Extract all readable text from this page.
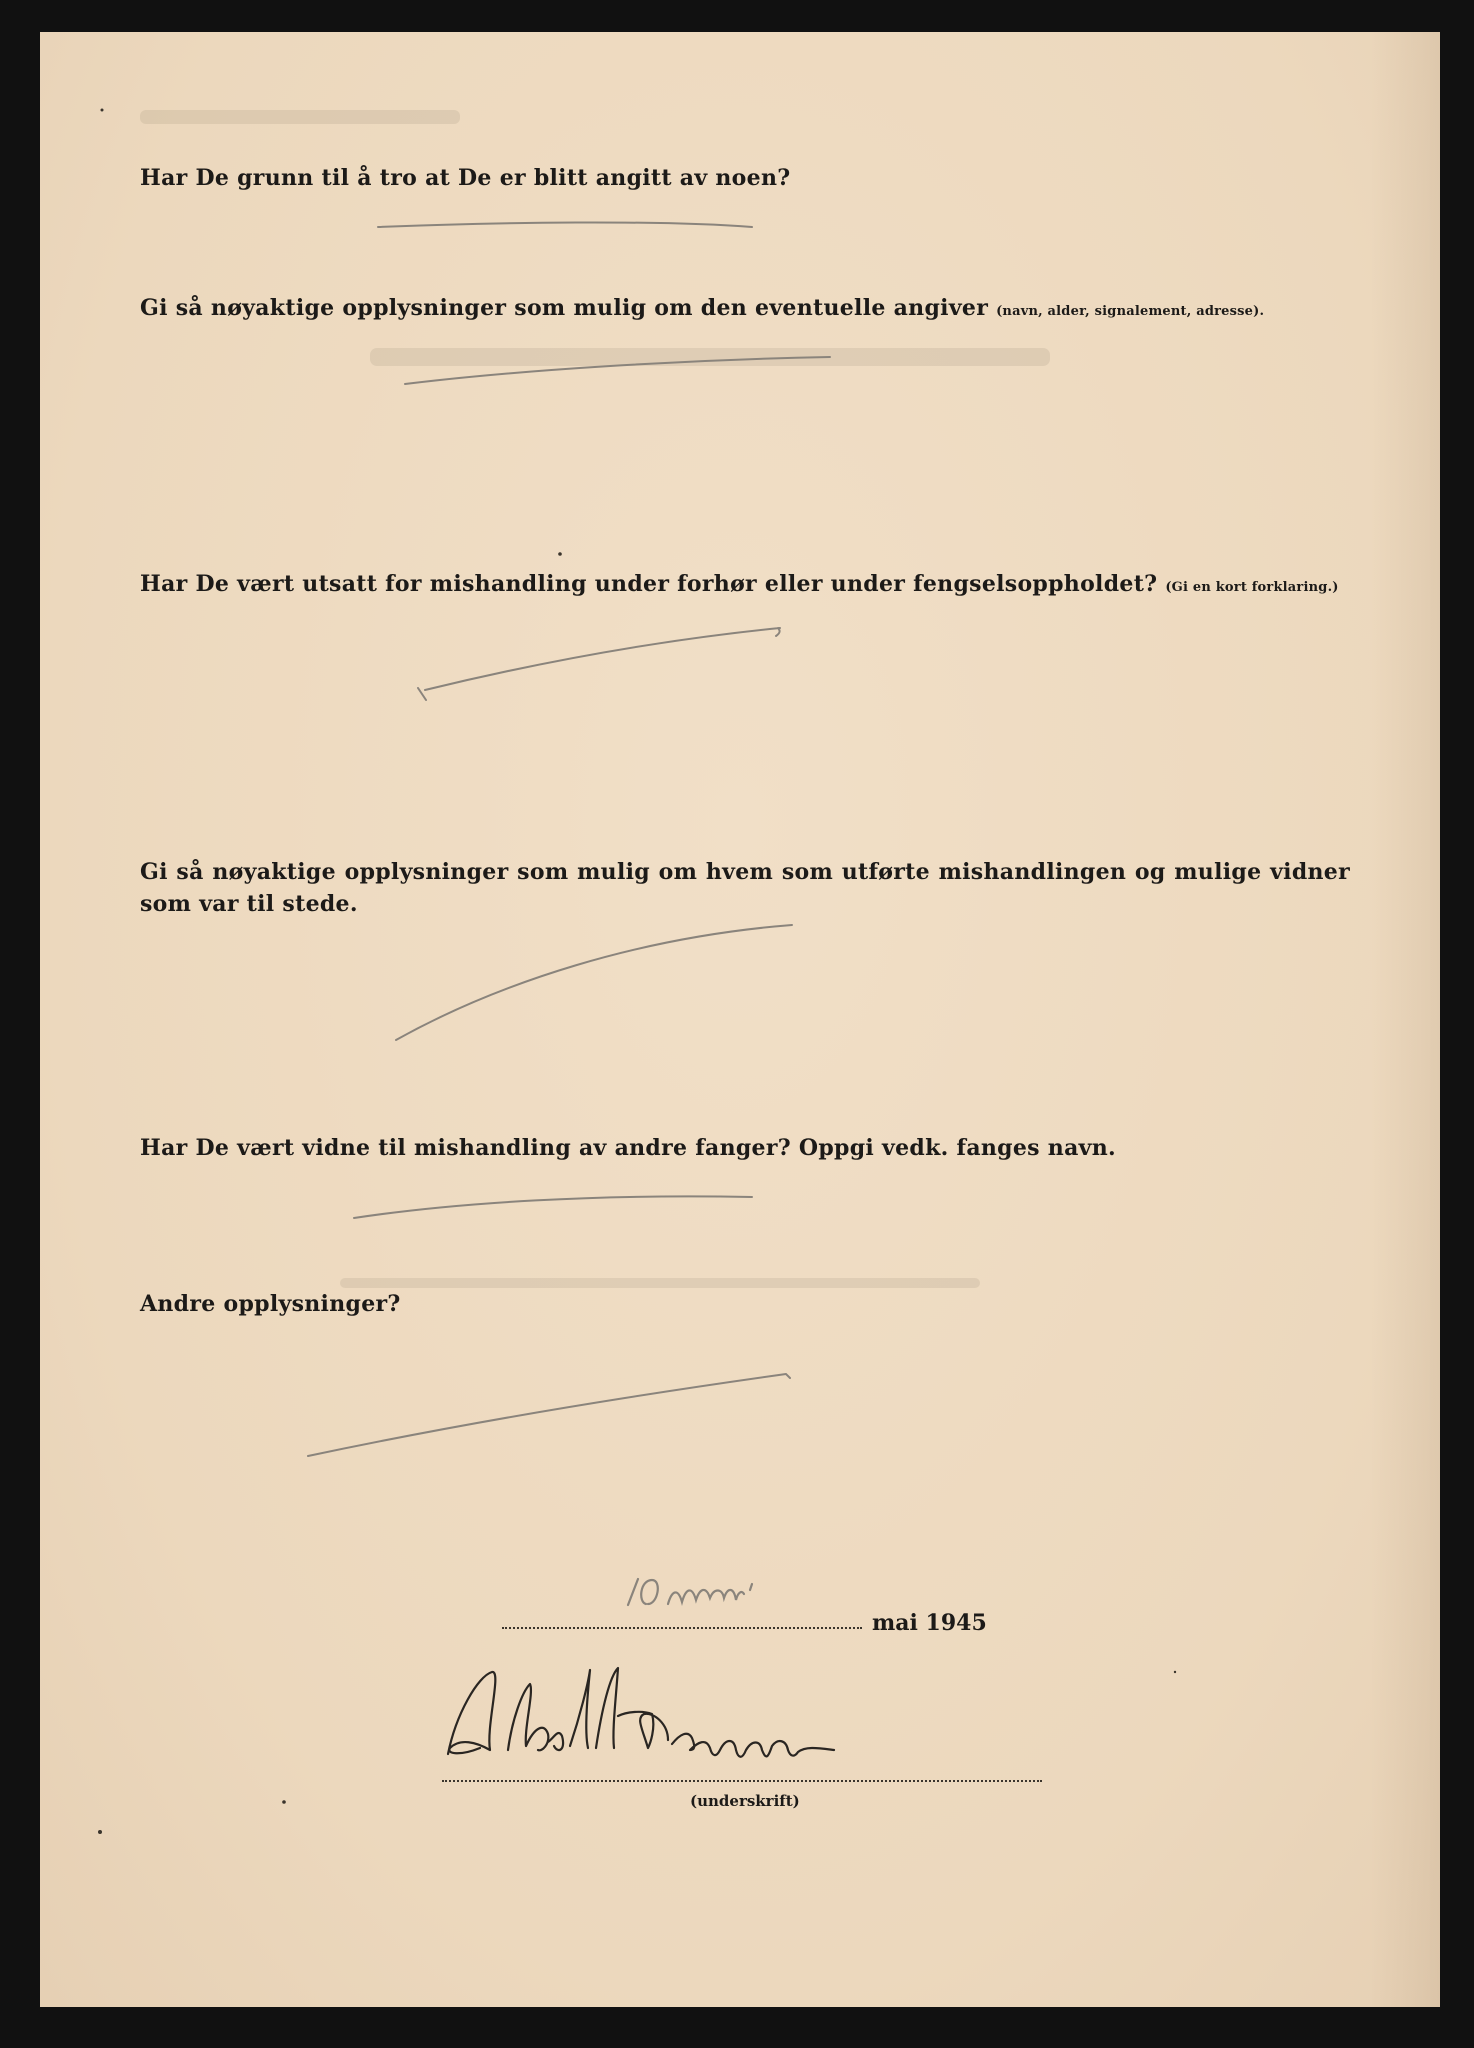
Har De grunn til å tro at De er blitt angitt av noen?

Gi så nøyaktige opplysninger som mulig om den eventuelle angiver (navn, alder, signalement, adresse).

Har De vært utsatt for mishandling under forhør eller under fengselsoppholdet? (Gi en kort forklaring.)

Gi så nøyaktige opplysninger som mulig om hvem som utførte mishandlingen og mulige vidner som var til stede.

Har De vært vidne til mishandling av andre fanger? Oppgi vedk. fanges navn.

Andre opplysninger?

mai 1945
(underskrift)
